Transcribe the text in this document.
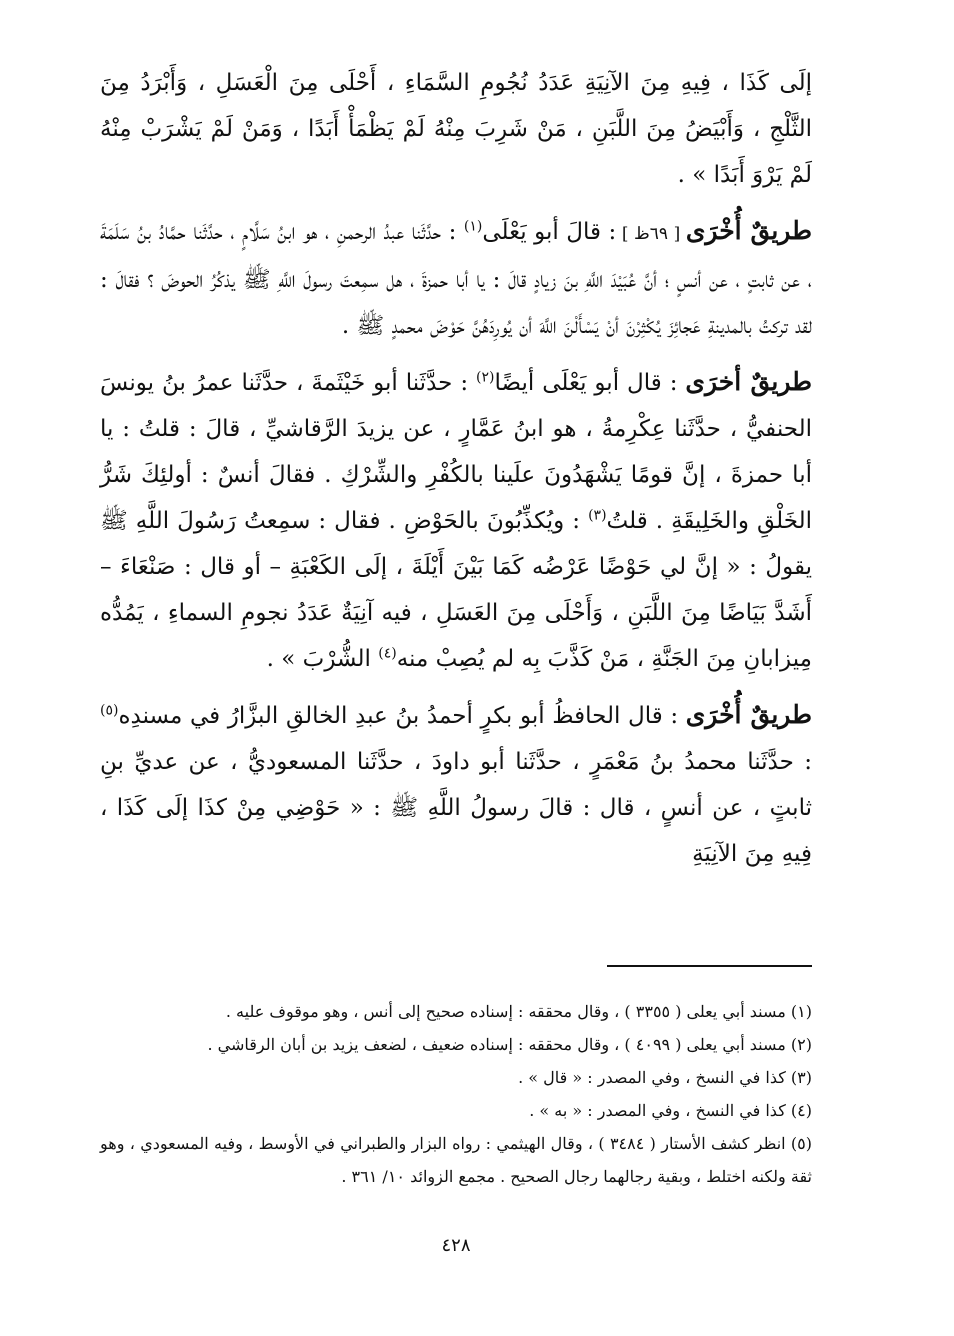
إلَى كَذَا ، فِيهِ مِنَ الآنِيَةِ عَدَدُ نُجُومِ السَّمَاءِ ، أَحْلَى مِنَ الْعَسَلِ ، وَأَبْرَدُ مِنَ الثَّلْجِ ، وَأَبْيَضُ مِنَ اللَّبَنِ ، مَنْ شَرِبَ مِنْهُ لَمْ يَظْمَأْ أَبَدًا ، وَمَنْ لَمْ يَشْرَبْ مِنْهُ لَمْ يَرْوَ أَبَدًا » .

طريقٌ أُخْرَى [ ٦٩ظ ] : قالَ أبو يَعْلَى$^{(١)}$ : حدَّثَنا عبدُ الرحمنِ ، هو ابنُ سَلَّامٍ ، حدَّثَنا حمَّادُ بنُ سَلَمَةَ ، عن ثابتٍ ، عن أنسٍ ؛ أنَّ عُبَيْدَ اللَّهِ بنَ زيادٍ قالَ : يا أبا حمزةَ ، هل سمِعتَ رسولَ اللَّهِ ﷺ يذكُرُ الحوضَ ؟ فقالَ : لقد تركتُ بالمدينةِ عَجائِزَ يُكْثِرْنَ أنْ يَسْأَلْنَ اللَّهَ أن يُورِدَهُنَّ حَوْضَ محمدٍ ﷺ .

طريقٌ أخرَى : قال أبو يَعْلَى أيضًا$^{(٢)}$ : حدَّثَنا أبو خَيْثَمةَ ، حدَّثَنا عمرُ بنُ يونسَ الحنفيُّ ، حدَّثَنا عِكْرِمةُ ، هو ابنُ عَمَّارٍ ، عن يزيدَ الرَّقاشيِّ ، قالَ : قلتُ : يا أبا حمزةَ ، إنَّ قومًا يَشْهَدُونَ علَينا بالكُفْرِ والشِّرْكِ . فقالَ أنسٌ : أولئِكَ شَرُّ الخَلْقِ والخَلِيقَةِ . قلتُ$^{(٣)}$ : ويُكذِّبُونَ بالحَوْضِ . فقال : سمِعتُ رَسُولَ اللَّهِ ﷺ يقولُ : « إنَّ لي حَوْضًا عَرْضُه كَمَا بَيْنَ أَيْلَةَ ، إلَى الكَعْبَةِ – أو قال : صَنْعَاءَ – أَشَدَّ بَيَاضًا مِنَ اللَّبَنِ ، وَأَحْلَى مِنَ العَسَلِ ، فيه آنِيَةٌ عَدَدُ نجومِ السماءِ ، يَمُدُّه مِيزابانِ مِنَ الجَنَّةِ ، مَنْ كَذَّبَ بِه لم يُصِبْ منه$^{(٤)}$ الشُّرْبَ » .

طريقٌ أُخْرَى : قال الحافظُ أبو بكرٍ أحمدُ بنُ عبدِ الخالقِ البزَّارُ في مسندِه$^{(٥)}$ : حدَّثَنا محمدُ بنُ مَعْمَرٍ ، حدَّثَنا أبو داودَ ، حدَّثَنا المسعوديُّ ، عن عديِّ بنِ ثابتٍ ، عن أنسٍ ، قال : قالَ رسولُ اللَّهِ ﷺ : « حَوْضِي مِنْ كذَا إلَى كَذَا ، فِيهِ مِنَ الآنِيَةِ

(١) مسند أبي يعلى ( ٣٣٥٥ ) ، وقال محققه : إسناده صحيح إلى أنس ، وهو موقوف عليه .

(٢) مسند أبي يعلى ( ٤٠٩٩ ) ، وقال محققه : إسناده ضعيف ، لضعف يزيد بن أبان الرقاشي .

(٣) كذا في النسخ ، وفي المصدر : « قال » .

(٤) كذا في النسخ ، وفي المصدر : « به » .

(٥) انظر كشف الأستار ( ٣٤٨٤ ) ، وقال الهيثمي : رواه البزار والطبراني في الأوسط ، وفيه المسعودي ، وهو ثقة ولكنه اختلط ، وبقية رجالهما رجال الصحيح . مجمع الزوائد ١٠/ ٣٦١ .

٤٢٨
